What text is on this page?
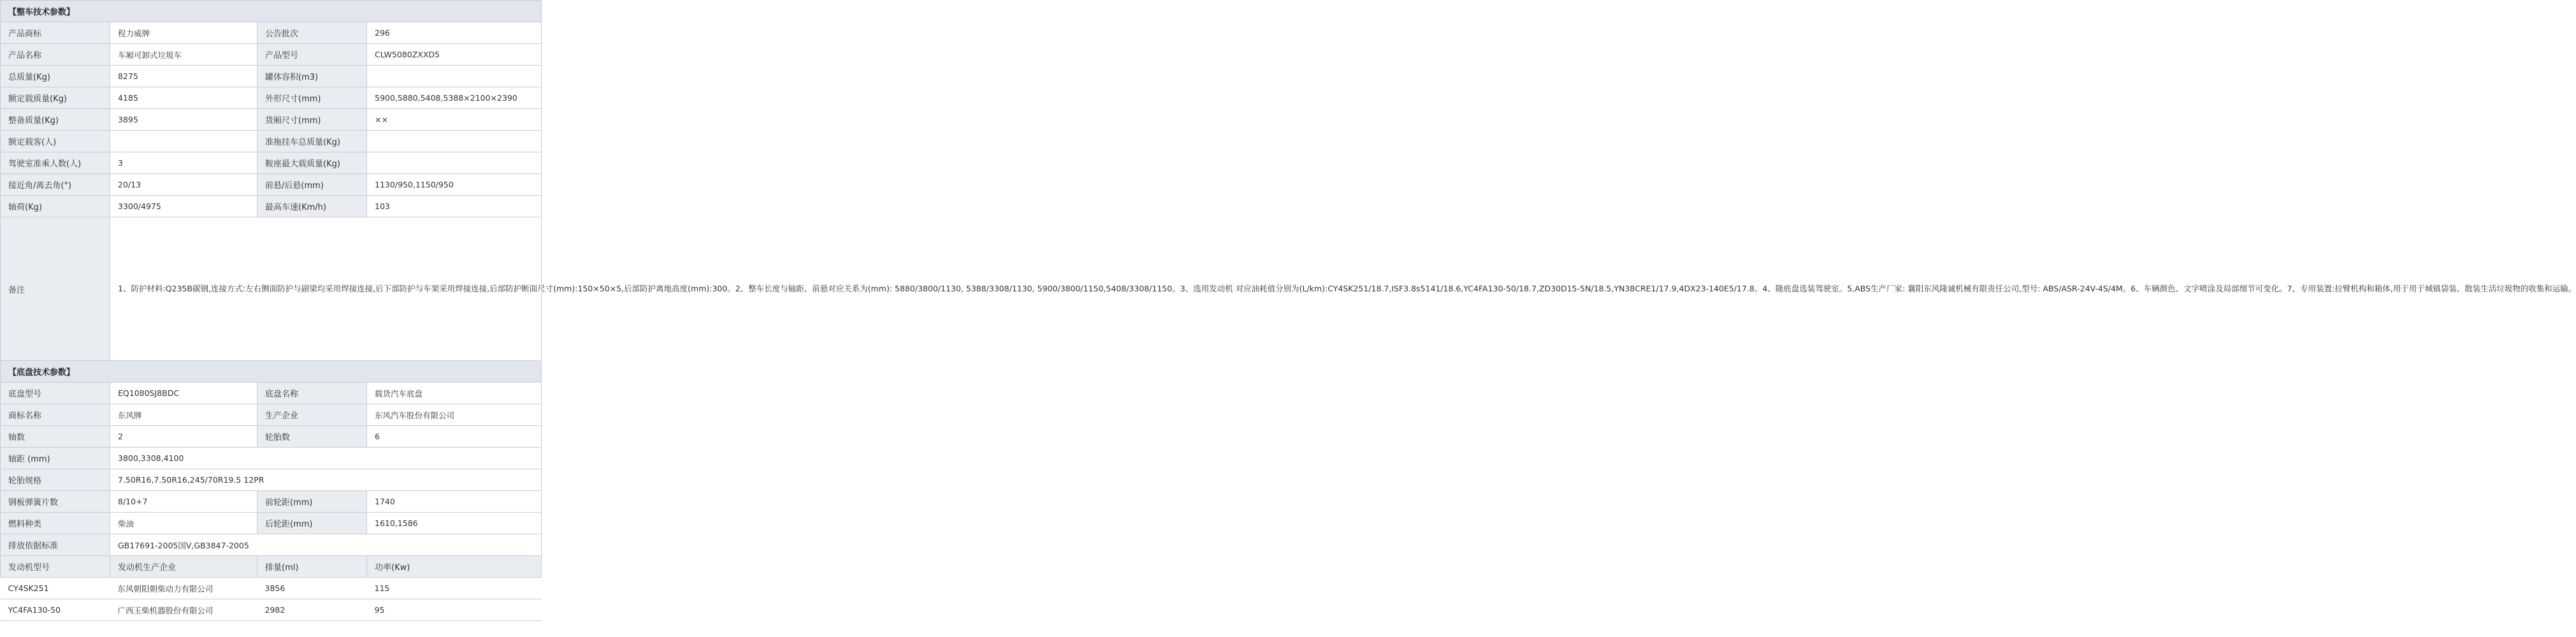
【整车技术参数】			
产品商标	程力威牌	公告批次	296
产品名称	车厢可卸式垃圾车	产品型号	CLW5080ZXXD5
总质量(Kg)	8275	罐体容积(m3)	
额定载质量(Kg)	4185	外形尺寸(mm)	5900,5880,5408,5388×2100×2390
整备质量(Kg)	3895	货厢尺寸(mm)	××
额定载客(人)		准拖挂车总质量(Kg)	
驾驶室准乘人数(人)	3	鞍座最大载质量(Kg)	
接近角/离去角(°)	20/13	前悬/后悬(mm)	1130/950,1150/950
轴荷(Kg)	3300/4975	最高车速(Km/h)	103
备注	1、防护材料:Q235B碳钢,连接方式:左右侧面防护与副梁均采用焊接连接,后下部防护与车架采用焊接连接,后部防护断面尺寸(mm):150×50×5,后部防护离地高度(mm):300。2、整车长度与轴距、前悬对应关系为(mm): 5880/3800/1130, 5388/3308/1130, 5900/3800/1150,5408/3308/1150。3、选用发动机 对应油耗值分别为(L/km):CY4SK251/18.7,ISF3.8s5141/18.6,YC4FA130-50/18.7,ZD30D15-5N/18.5,YN38CRE1/17.9,4DX23-140E5/17.8。4、随底盘选装驾驶室。5,ABS生产厂家: 襄阳东风隆诚机械有限责任公司,型号: ABS/ASR-24V-4S/4M。6、车辆颜色、文字喷涂及局部细节可变化。7、专用装置:拉臂机构和箱体,用于用于城镇袋装、散装生活垃圾物的收集和运输。		
【底盘技术参数】			
底盘型号	EQ1080SJ8BDC	底盘名称	载货汽车底盘
商标名称	东风牌	生产企业	东风汽车股份有限公司
轴数	2	轮胎数	6
轴距 (mm)	3800,3308,4100		
轮胎规格	7.50R16,7.50R16,245/70R19.5 12PR		
钢板弹簧片数	8/10+7	前轮距(mm)	1740
燃料种类	柴油	后轮距(mm)	1610,1586
排放依据标准	GB17691-2005国Ⅴ,GB3847-2005		
发动机型号	发动机生产企业	排量(ml)	功率(Kw)
CY4SK251	东风朝阳朝柴动力有限公司	3856	115
YC4FA130-50	广西玉柴机器股份有限公司	2982	95
